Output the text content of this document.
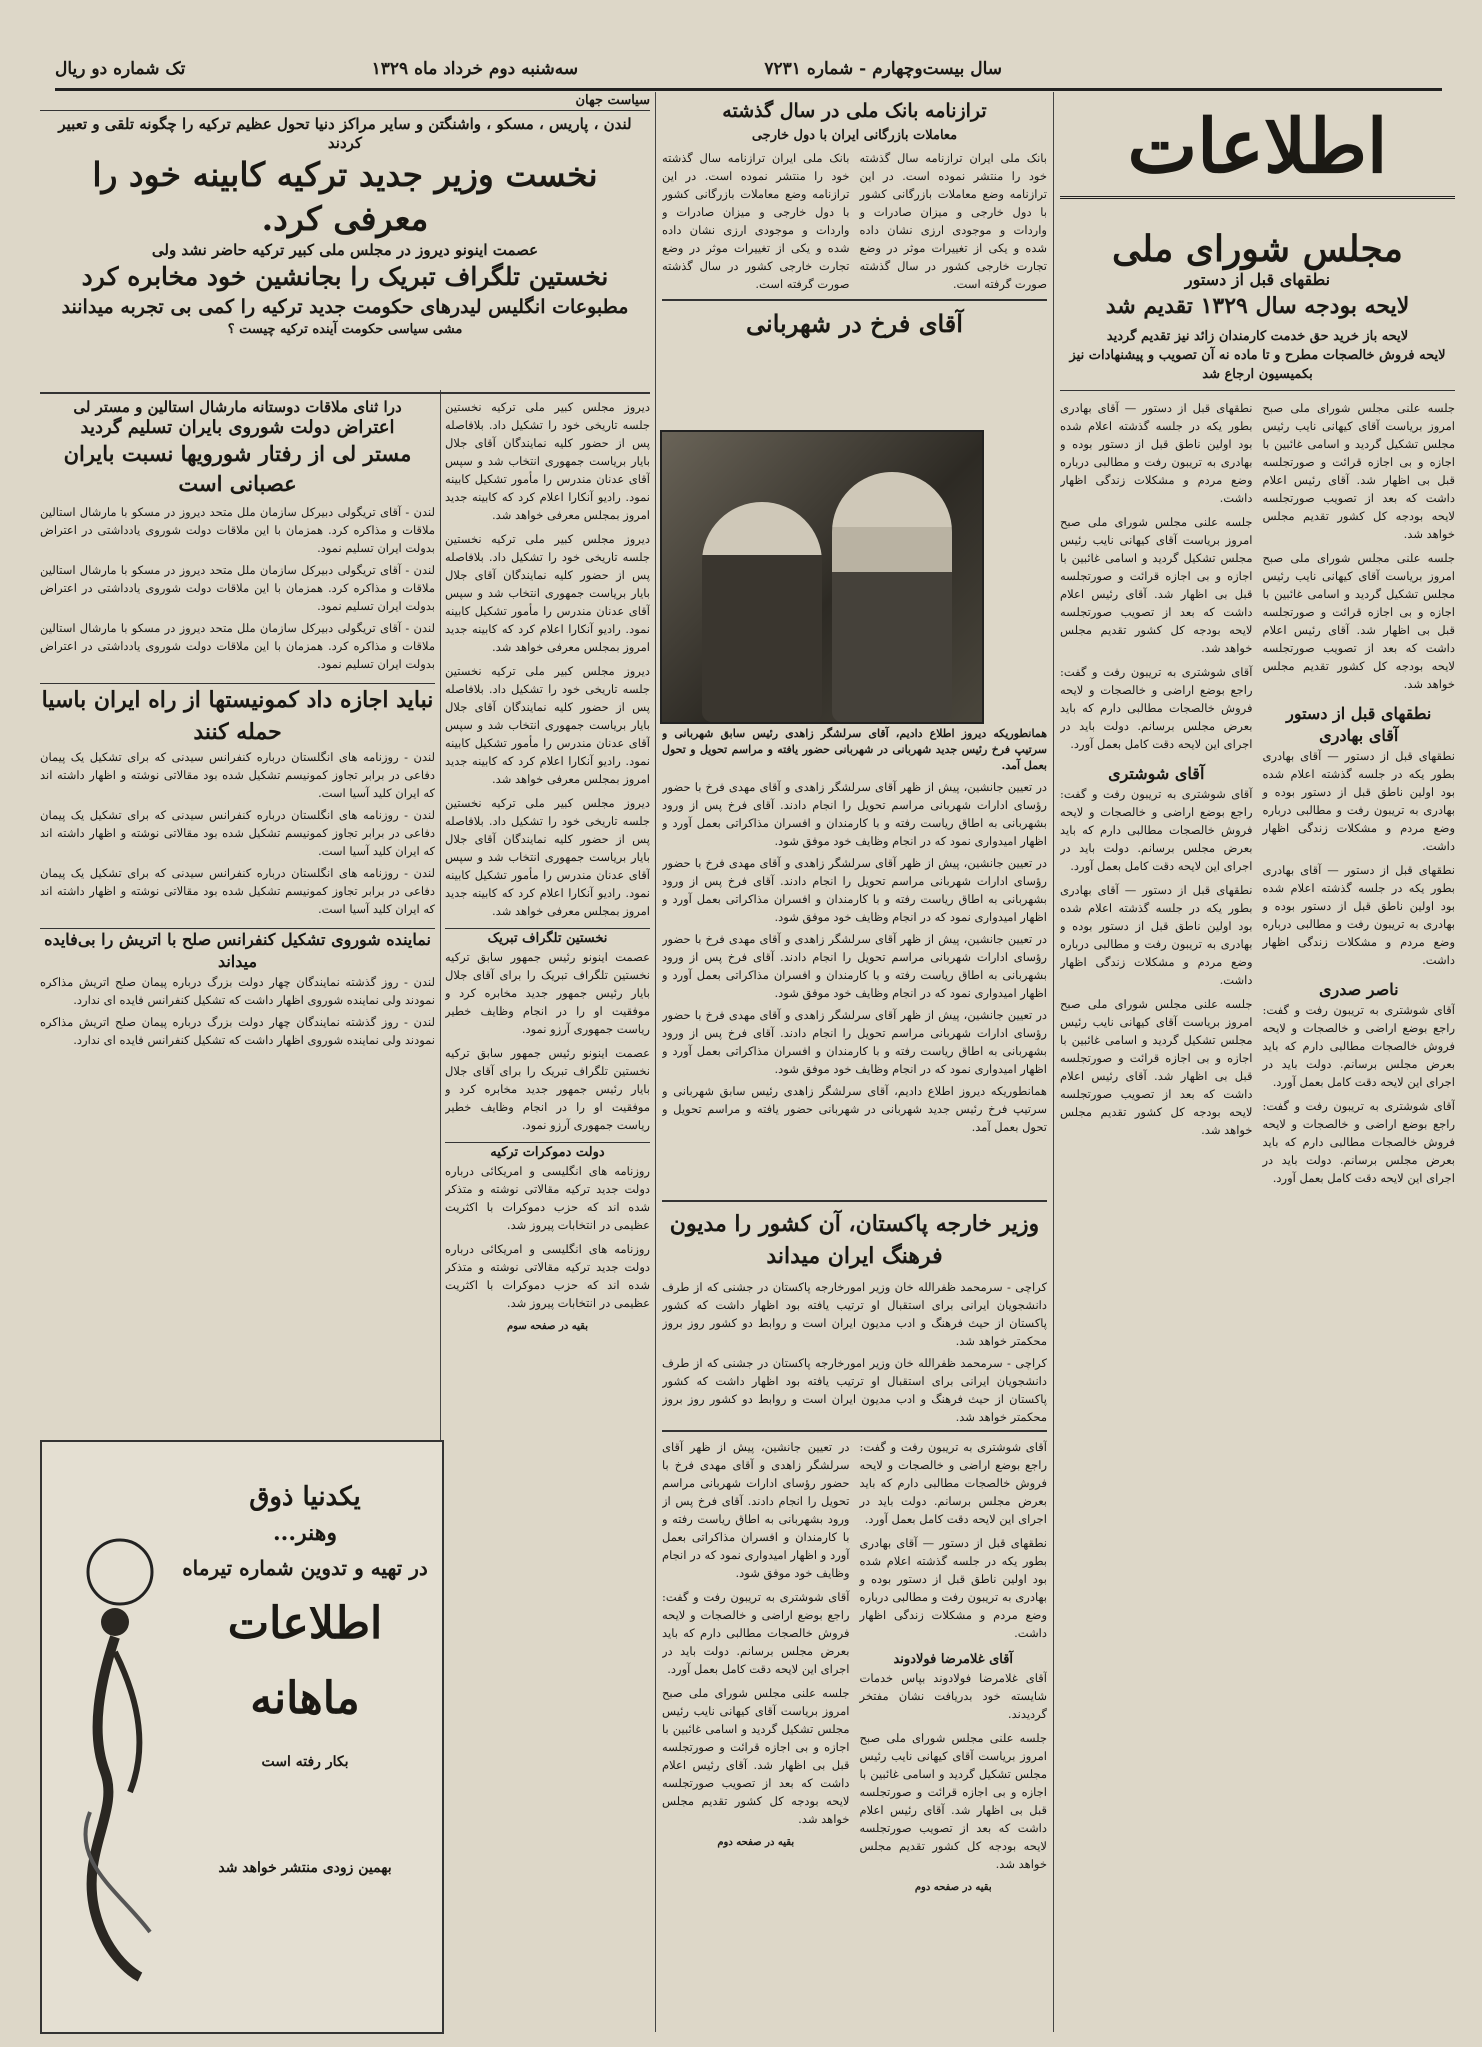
سال بیست‌وچهارم - شماره ۷۲۳۱
سه‌شنبه دوم خرداد ماه ۱۳۲۹
تک شماره دو ریال
اطلاعات
مجلس شورای ملی
نطقهای قبل از دستور
لایحه بودجه سال ۱۳۲۹ تقدیم شد
لایحه باز خرید حق خدمت کارمندان زائد نیز تقدیم گردید
لایحه فروش خالصجات مطرح و تا ماده نه آن تصویب و پیشنهادات نیز بکمیسیون ارجاع شد
جلسه علنی مجلس شورای ملی صبح امروز بریاست آقای کیهانی نایب رئیس مجلس تشکیل گردید و اسامی غائبین با اجازه و بی اجازه قرائت و صورتجلسه قبل بی اظهار شد. آقای رئیس اعلام داشت که بعد از تصویب صورتجلسه لایحه بودجه کل کشور تقدیم مجلس خواهد شد.
جلسه علنی مجلس شورای ملی صبح امروز بریاست آقای کیهانی نایب رئیس مجلس تشکیل گردید و اسامی غائبین با اجازه و بی اجازه قرائت و صورتجلسه قبل بی اظهار شد. آقای رئیس اعلام داشت که بعد از تصویب صورتجلسه لایحه بودجه کل کشور تقدیم مجلس خواهد شد.
نطقهای قبل از دستور
آقای بهادری
نطقهای قبل از دستور — آقای بهادری بطور یکه در جلسه گذشته اعلام شده بود اولین ناطق قبل از دستور بوده و بهادری به تریبون رفت و مطالبی درباره وضع مردم و مشکلات زندگی اظهار داشت.
نطقهای قبل از دستور — آقای بهادری بطور یکه در جلسه گذشته اعلام شده بود اولین ناطق قبل از دستور بوده و بهادری به تریبون رفت و مطالبی درباره وضع مردم و مشکلات زندگی اظهار داشت.
ناصر صدری
آقای شوشتری به تریبون رفت و گفت: راجع بوضع اراضی و خالصجات و لایحه فروش خالصجات مطالبی دارم که باید بعرض مجلس برسانم. دولت باید در اجرای این لایحه دقت کامل بعمل آورد.
آقای شوشتری به تریبون رفت و گفت: راجع بوضع اراضی و خالصجات و لایحه فروش خالصجات مطالبی دارم که باید بعرض مجلس برسانم. دولت باید در اجرای این لایحه دقت کامل بعمل آورد.
نطقهای قبل از دستور — آقای بهادری بطور یکه در جلسه گذشته اعلام شده بود اولین ناطق قبل از دستور بوده و بهادری به تریبون رفت و مطالبی درباره وضع مردم و مشکلات زندگی اظهار داشت.
جلسه علنی مجلس شورای ملی صبح امروز بریاست آقای کیهانی نایب رئیس مجلس تشکیل گردید و اسامی غائبین با اجازه و بی اجازه قرائت و صورتجلسه قبل بی اظهار شد. آقای رئیس اعلام داشت که بعد از تصویب صورتجلسه لایحه بودجه کل کشور تقدیم مجلس خواهد شد.
آقای شوشتری به تریبون رفت و گفت: راجع بوضع اراضی و خالصجات و لایحه فروش خالصجات مطالبی دارم که باید بعرض مجلس برسانم. دولت باید در اجرای این لایحه دقت کامل بعمل آورد.
آقای شوشتری
آقای شوشتری به تریبون رفت و گفت: راجع بوضع اراضی و خالصجات و لایحه فروش خالصجات مطالبی دارم که باید بعرض مجلس برسانم. دولت باید در اجرای این لایحه دقت کامل بعمل آورد.
نطقهای قبل از دستور — آقای بهادری بطور یکه در جلسه گذشته اعلام شده بود اولین ناطق قبل از دستور بوده و بهادری به تریبون رفت و مطالبی درباره وضع مردم و مشکلات زندگی اظهار داشت.
جلسه علنی مجلس شورای ملی صبح امروز بریاست آقای کیهانی نایب رئیس مجلس تشکیل گردید و اسامی غائبین با اجازه و بی اجازه قرائت و صورتجلسه قبل بی اظهار شد. آقای رئیس اعلام داشت که بعد از تصویب صورتجلسه لایحه بودجه کل کشور تقدیم مجلس خواهد شد.
ترازنامه بانک ملی در سال گذشته
معاملات بازرگانی ایران با دول خارجی
بانک ملی ایران ترازنامه سال گذشته خود را منتشر نموده است. در این ترازنامه وضع معاملات بازرگانی کشور با دول خارجی و میزان صادرات و واردات و موجودی ارزی نشان داده شده و یکی از تغییرات موثر در وضع تجارت خارجی کشور در سال گذشته صورت گرفته است.
بانک ملی ایران ترازنامه سال گذشته خود را منتشر نموده است. در این ترازنامه وضع معاملات بازرگانی کشور با دول خارجی و میزان صادرات و واردات و موجودی ارزی نشان داده شده و یکی از تغییرات موثر در وضع تجارت خارجی کشور در سال گذشته صورت گرفته است.
آقای فرخ در شهربانی
همانطوریکه دیروز اطلاع دادیم، آقای سرلشگر زاهدی رئیس سابق شهربانی و سرتیپ فرخ رئیس جدید شهربانی در شهربانی حضور یافته و مراسم تحویل و تحول بعمل آمد.
در تعیین جانشین، پیش از ظهر آقای سرلشگر زاهدی و آقای مهدی فرخ با حضور رؤسای ادارات شهربانی مراسم تحویل را انجام دادند. آقای فرخ پس از ورود بشهربانی به اطاق ریاست رفته و با کارمندان و افسران مذاکراتی بعمل آورد و اظهار امیدواری نمود که در انجام وظایف خود موفق شود.
در تعیین جانشین، پیش از ظهر آقای سرلشگر زاهدی و آقای مهدی فرخ با حضور رؤسای ادارات شهربانی مراسم تحویل را انجام دادند. آقای فرخ پس از ورود بشهربانی به اطاق ریاست رفته و با کارمندان و افسران مذاکراتی بعمل آورد و اظهار امیدواری نمود که در انجام وظایف خود موفق شود.
در تعیین جانشین، پیش از ظهر آقای سرلشگر زاهدی و آقای مهدی فرخ با حضور رؤسای ادارات شهربانی مراسم تحویل را انجام دادند. آقای فرخ پس از ورود بشهربانی به اطاق ریاست رفته و با کارمندان و افسران مذاکراتی بعمل آورد و اظهار امیدواری نمود که در انجام وظایف خود موفق شود.
در تعیین جانشین، پیش از ظهر آقای سرلشگر زاهدی و آقای مهدی فرخ با حضور رؤسای ادارات شهربانی مراسم تحویل را انجام دادند. آقای فرخ پس از ورود بشهربانی به اطاق ریاست رفته و با کارمندان و افسران مذاکراتی بعمل آورد و اظهار امیدواری نمود که در انجام وظایف خود موفق شود.
همانطوریکه دیروز اطلاع دادیم، آقای سرلشگر زاهدی رئیس سابق شهربانی و سرتیپ فرخ رئیس جدید شهربانی در شهربانی حضور یافته و مراسم تحویل و تحول بعمل آمد.
وزیر خارجه پاکستان، آن کشور را مدیون فرهنگ ایران میداند
کراچی - سرمحمد ظفرالله خان وزیر امورخارجه پاکستان در جشنی که از طرف دانشجویان ایرانی برای استقبال او ترتیب یافته بود اظهار داشت که کشور پاکستان از حیث فرهنگ و ادب مدیون ایران است و روابط دو کشور روز بروز محکمتر خواهد شد.
کراچی - سرمحمد ظفرالله خان وزیر امورخارجه پاکستان در جشنی که از طرف دانشجویان ایرانی برای استقبال او ترتیب یافته بود اظهار داشت که کشور پاکستان از حیث فرهنگ و ادب مدیون ایران است و روابط دو کشور روز بروز محکمتر خواهد شد.
آقای شوشتری به تریبون رفت و گفت: راجع بوضع اراضی و خالصجات و لایحه فروش خالصجات مطالبی دارم که باید بعرض مجلس برسانم. دولت باید در اجرای این لایحه دقت کامل بعمل آورد.
نطقهای قبل از دستور — آقای بهادری بطور یکه در جلسه گذشته اعلام شده بود اولین ناطق قبل از دستور بوده و بهادری به تریبون رفت و مطالبی درباره وضع مردم و مشکلات زندگی اظهار داشت.
آقای غلامرضا فولادوند
آقای غلامرضا فولادوند بپاس خدمات شایسته خود بدریافت نشان مفتخر گردیدند.
جلسه علنی مجلس شورای ملی صبح امروز بریاست آقای کیهانی نایب رئیس مجلس تشکیل گردید و اسامی غائبین با اجازه و بی اجازه قرائت و صورتجلسه قبل بی اظهار شد. آقای رئیس اعلام داشت که بعد از تصویب صورتجلسه لایحه بودجه کل کشور تقدیم مجلس خواهد شد.
بقیه در صفحه دوم
در تعیین جانشین، پیش از ظهر آقای سرلشگر زاهدی و آقای مهدی فرخ با حضور رؤسای ادارات شهربانی مراسم تحویل را انجام دادند. آقای فرخ پس از ورود بشهربانی به اطاق ریاست رفته و با کارمندان و افسران مذاکراتی بعمل آورد و اظهار امیدواری نمود که در انجام وظایف خود موفق شود.
آقای شوشتری به تریبون رفت و گفت: راجع بوضع اراضی و خالصجات و لایحه فروش خالصجات مطالبی دارم که باید بعرض مجلس برسانم. دولت باید در اجرای این لایحه دقت کامل بعمل آورد.
جلسه علنی مجلس شورای ملی صبح امروز بریاست آقای کیهانی نایب رئیس مجلس تشکیل گردید و اسامی غائبین با اجازه و بی اجازه قرائت و صورتجلسه قبل بی اظهار شد. آقای رئیس اعلام داشت که بعد از تصویب صورتجلسه لایحه بودجه کل کشور تقدیم مجلس خواهد شد.
بقیه در صفحه دوم
سیاست جهان
لندن ، پاریس ، مسکو ، واشنگتن و سایر مراکز دنیا تحول عظیم ترکیه را چگونه تلقی و تعبیر کردند
نخست وزیر جدید ترکیه کابینه خود را معرفی کرد.
عصمت اینونو دیروز در مجلس ملی کبیر ترکیه حاضر نشد ولی
نخستین تلگراف تبریک را بجانشین خود مخابره کرد
مطبوعات انگلیس لیدرهای حکومت جدید ترکیه را کمی بی تجربه میدانند
مشی سیاسی حکومت آینده ترکیه چیست ؟
دیروز مجلس کبیر ملی ترکیه نخستین جلسه تاریخی خود را تشکیل داد. بلافاصله پس از حضور کلیه نمایندگان آقای جلال بایار بریاست جمهوری انتخاب شد و سپس آقای عدنان مندرس را مأمور تشکیل کابینه نمود. رادیو آنکارا اعلام کرد که کابینه جدید امروز بمجلس معرفی خواهد شد.
دیروز مجلس کبیر ملی ترکیه نخستین جلسه تاریخی خود را تشکیل داد. بلافاصله پس از حضور کلیه نمایندگان آقای جلال بایار بریاست جمهوری انتخاب شد و سپس آقای عدنان مندرس را مأمور تشکیل کابینه نمود. رادیو آنکارا اعلام کرد که کابینه جدید امروز بمجلس معرفی خواهد شد.
دیروز مجلس کبیر ملی ترکیه نخستین جلسه تاریخی خود را تشکیل داد. بلافاصله پس از حضور کلیه نمایندگان آقای جلال بایار بریاست جمهوری انتخاب شد و سپس آقای عدنان مندرس را مأمور تشکیل کابینه نمود. رادیو آنکارا اعلام کرد که کابینه جدید امروز بمجلس معرفی خواهد شد.
دیروز مجلس کبیر ملی ترکیه نخستین جلسه تاریخی خود را تشکیل داد. بلافاصله پس از حضور کلیه نمایندگان آقای جلال بایار بریاست جمهوری انتخاب شد و سپس آقای عدنان مندرس را مأمور تشکیل کابینه نمود. رادیو آنکارا اعلام کرد که کابینه جدید امروز بمجلس معرفی خواهد شد.
نخستین تلگراف تبریک
عصمت اینونو رئیس جمهور سابق ترکیه نخستین تلگراف تبریک را برای آقای جلال بایار رئیس جمهور جدید مخابره کرد و موفقیت او را در انجام وظایف خطیر ریاست جمهوری آرزو نمود.
عصمت اینونو رئیس جمهور سابق ترکیه نخستین تلگراف تبریک را برای آقای جلال بایار رئیس جمهور جدید مخابره کرد و موفقیت او را در انجام وظایف خطیر ریاست جمهوری آرزو نمود.
دولت دموکرات ترکیه
روزنامه های انگلیسی و امریکائی درباره دولت جدید ترکیه مقالاتی نوشته و متذکر شده اند که حزب دموکرات با اکثریت عظیمی در انتخابات پیروز شد.
روزنامه های انگلیسی و امریکائی درباره دولت جدید ترکیه مقالاتی نوشته و متذکر شده اند که حزب دموکرات با اکثریت عظیمی در انتخابات پیروز شد.
بقیه در صفحه سوم
درا ثنای ملاقات دوستانه مارشال استالین و مستر لی
اعتراض دولت شوروی بایران تسلیم گردید
مستر لی از رفتار شورویها نسبت بایران عصبانی است
لندن - آقای تریگولی دبیرکل سازمان ملل متحد دیروز در مسکو با مارشال استالین ملاقات و مذاکره کرد. همزمان با این ملاقات دولت شوروی یادداشتی در اعتراض بدولت ایران تسلیم نمود.
لندن - آقای تریگولی دبیرکل سازمان ملل متحد دیروز در مسکو با مارشال استالین ملاقات و مذاکره کرد. همزمان با این ملاقات دولت شوروی یادداشتی در اعتراض بدولت ایران تسلیم نمود.
لندن - آقای تریگولی دبیرکل سازمان ملل متحد دیروز در مسکو با مارشال استالین ملاقات و مذاکره کرد. همزمان با این ملاقات دولت شوروی یادداشتی در اعتراض بدولت ایران تسلیم نمود.
نباید اجازه داد کمونیستها از راه ایران باسیا حمله کنند
لندن - روزنامه های انگلستان درباره کنفرانس سیدنی که برای تشکیل یک پیمان دفاعی در برابر تجاوز کمونیسم تشکیل شده بود مقالاتی نوشته و اظهار داشته اند که ایران کلید آسیا است.
لندن - روزنامه های انگلستان درباره کنفرانس سیدنی که برای تشکیل یک پیمان دفاعی در برابر تجاوز کمونیسم تشکیل شده بود مقالاتی نوشته و اظهار داشته اند که ایران کلید آسیا است.
لندن - روزنامه های انگلستان درباره کنفرانس سیدنی که برای تشکیل یک پیمان دفاعی در برابر تجاوز کمونیسم تشکیل شده بود مقالاتی نوشته و اظهار داشته اند که ایران کلید آسیا است.
نماینده شوروی تشکیل کنفرانس صلح با اتریش را بی‌فایده میداند
لندن - روز گذشته نمایندگان چهار دولت بزرگ درباره پیمان صلح اتریش مذاکره نمودند ولی نماینده شوروی اظهار داشت که تشکیل کنفرانس فایده ای ندارد.
لندن - روز گذشته نمایندگان چهار دولت بزرگ درباره پیمان صلح اتریش مذاکره نمودند ولی نماینده شوروی اظهار داشت که تشکیل کنفرانس فایده ای ندارد.
یکدنیا ذوق
وهنر...
در تهیه و تدوین شماره تیرماه
اطلاعات
ماهانه
بکار رفته است
بهمین زودی منتشر خواهد شد
